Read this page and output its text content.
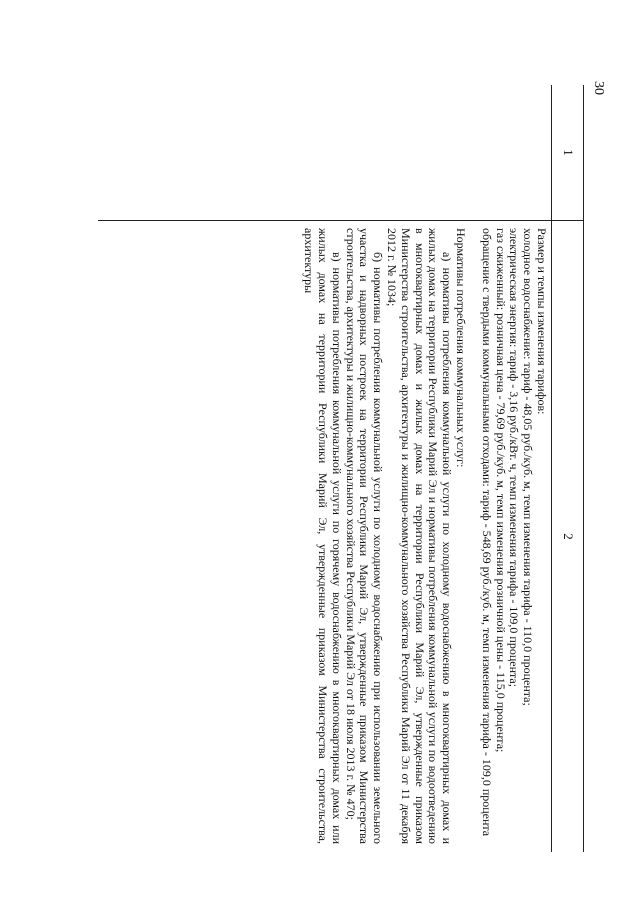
30
1
2

Размер и темпы изменения тарифов:

холодное водоснабжение: тариф - 48,05 руб./куб. м, темп изменения тарифа - 110,0 процента;

электрическая энергия: тариф - 3,16 руб./кВт. ч, темп изменения тарифа - 109,0 процента;

газ сжиженный: розничная цена - 79,69 руб./куб. м, темп изменения розничной цены - 115,0 процента;

обращение с твердыми коммунальными отходами: тариф - 548,69 руб./куб. м, темп изменения тарифа - 109,0 процента

Нормативы потребления коммунальных услуг:

а) нормативы потребления коммунальной услуги по холодному водоснабжению в многоквартирных домах и жилых домах на территории Республики Марий Эл и нормативы потребления коммунальной услуги по водоотведению в многоквартирных домах и жилых домах на территории Республики Марий Эл, утвержденные приказом Министерства строительства, архитектуры и жилищно-коммунального хозяйства Республики Марий Эл от 11 декабря 2012 г. № 1034;

б) нормативы потребления коммунальной услуги по холодному водоснабжению при использовании земельного участка и надворных построек на территории Республики Марий Эл, утвержденные приказом Министерства строительства, архитектуры и жилищно-коммунального хозяйства Республики Марий Эл от 18 июля 2013 г. № 470;

в) нормативы потребления коммунальной услуги по горячему водоснабжению в многоквартирных домах или жилых домах на территории Республики Марий Эл, утвержденные приказом Министерства строительства, архитектуры
